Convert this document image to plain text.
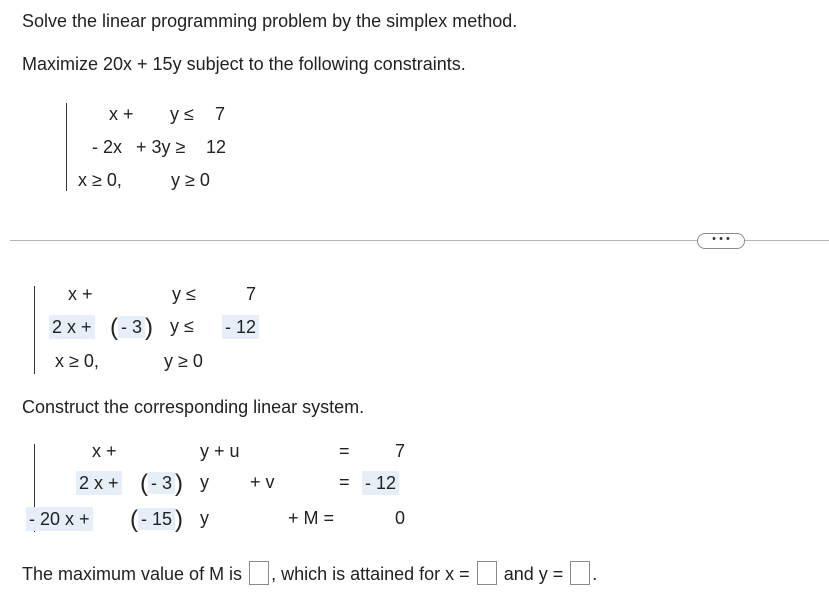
Solve the linear programming problem by the simplex method.
Maximize 20x + 15y subject to the following constraints.
x + y ≤ 7
- 2x + 3y ≥ 12
x ≥ 0,	y ≥ 0
• • •
x +	y ≤	7
2 x + ( - 3 ) y ≤ - 12
x ≥ 0,	y ≥ 0
Construct the corresponding linear system.
x +	y + u	=	7
2 x + ( - 3 ) y + v	= - 12
- 20 x + ( - 15 ) y	+ M =	0
The maximum value of M is , which is attained for x = and y = .
